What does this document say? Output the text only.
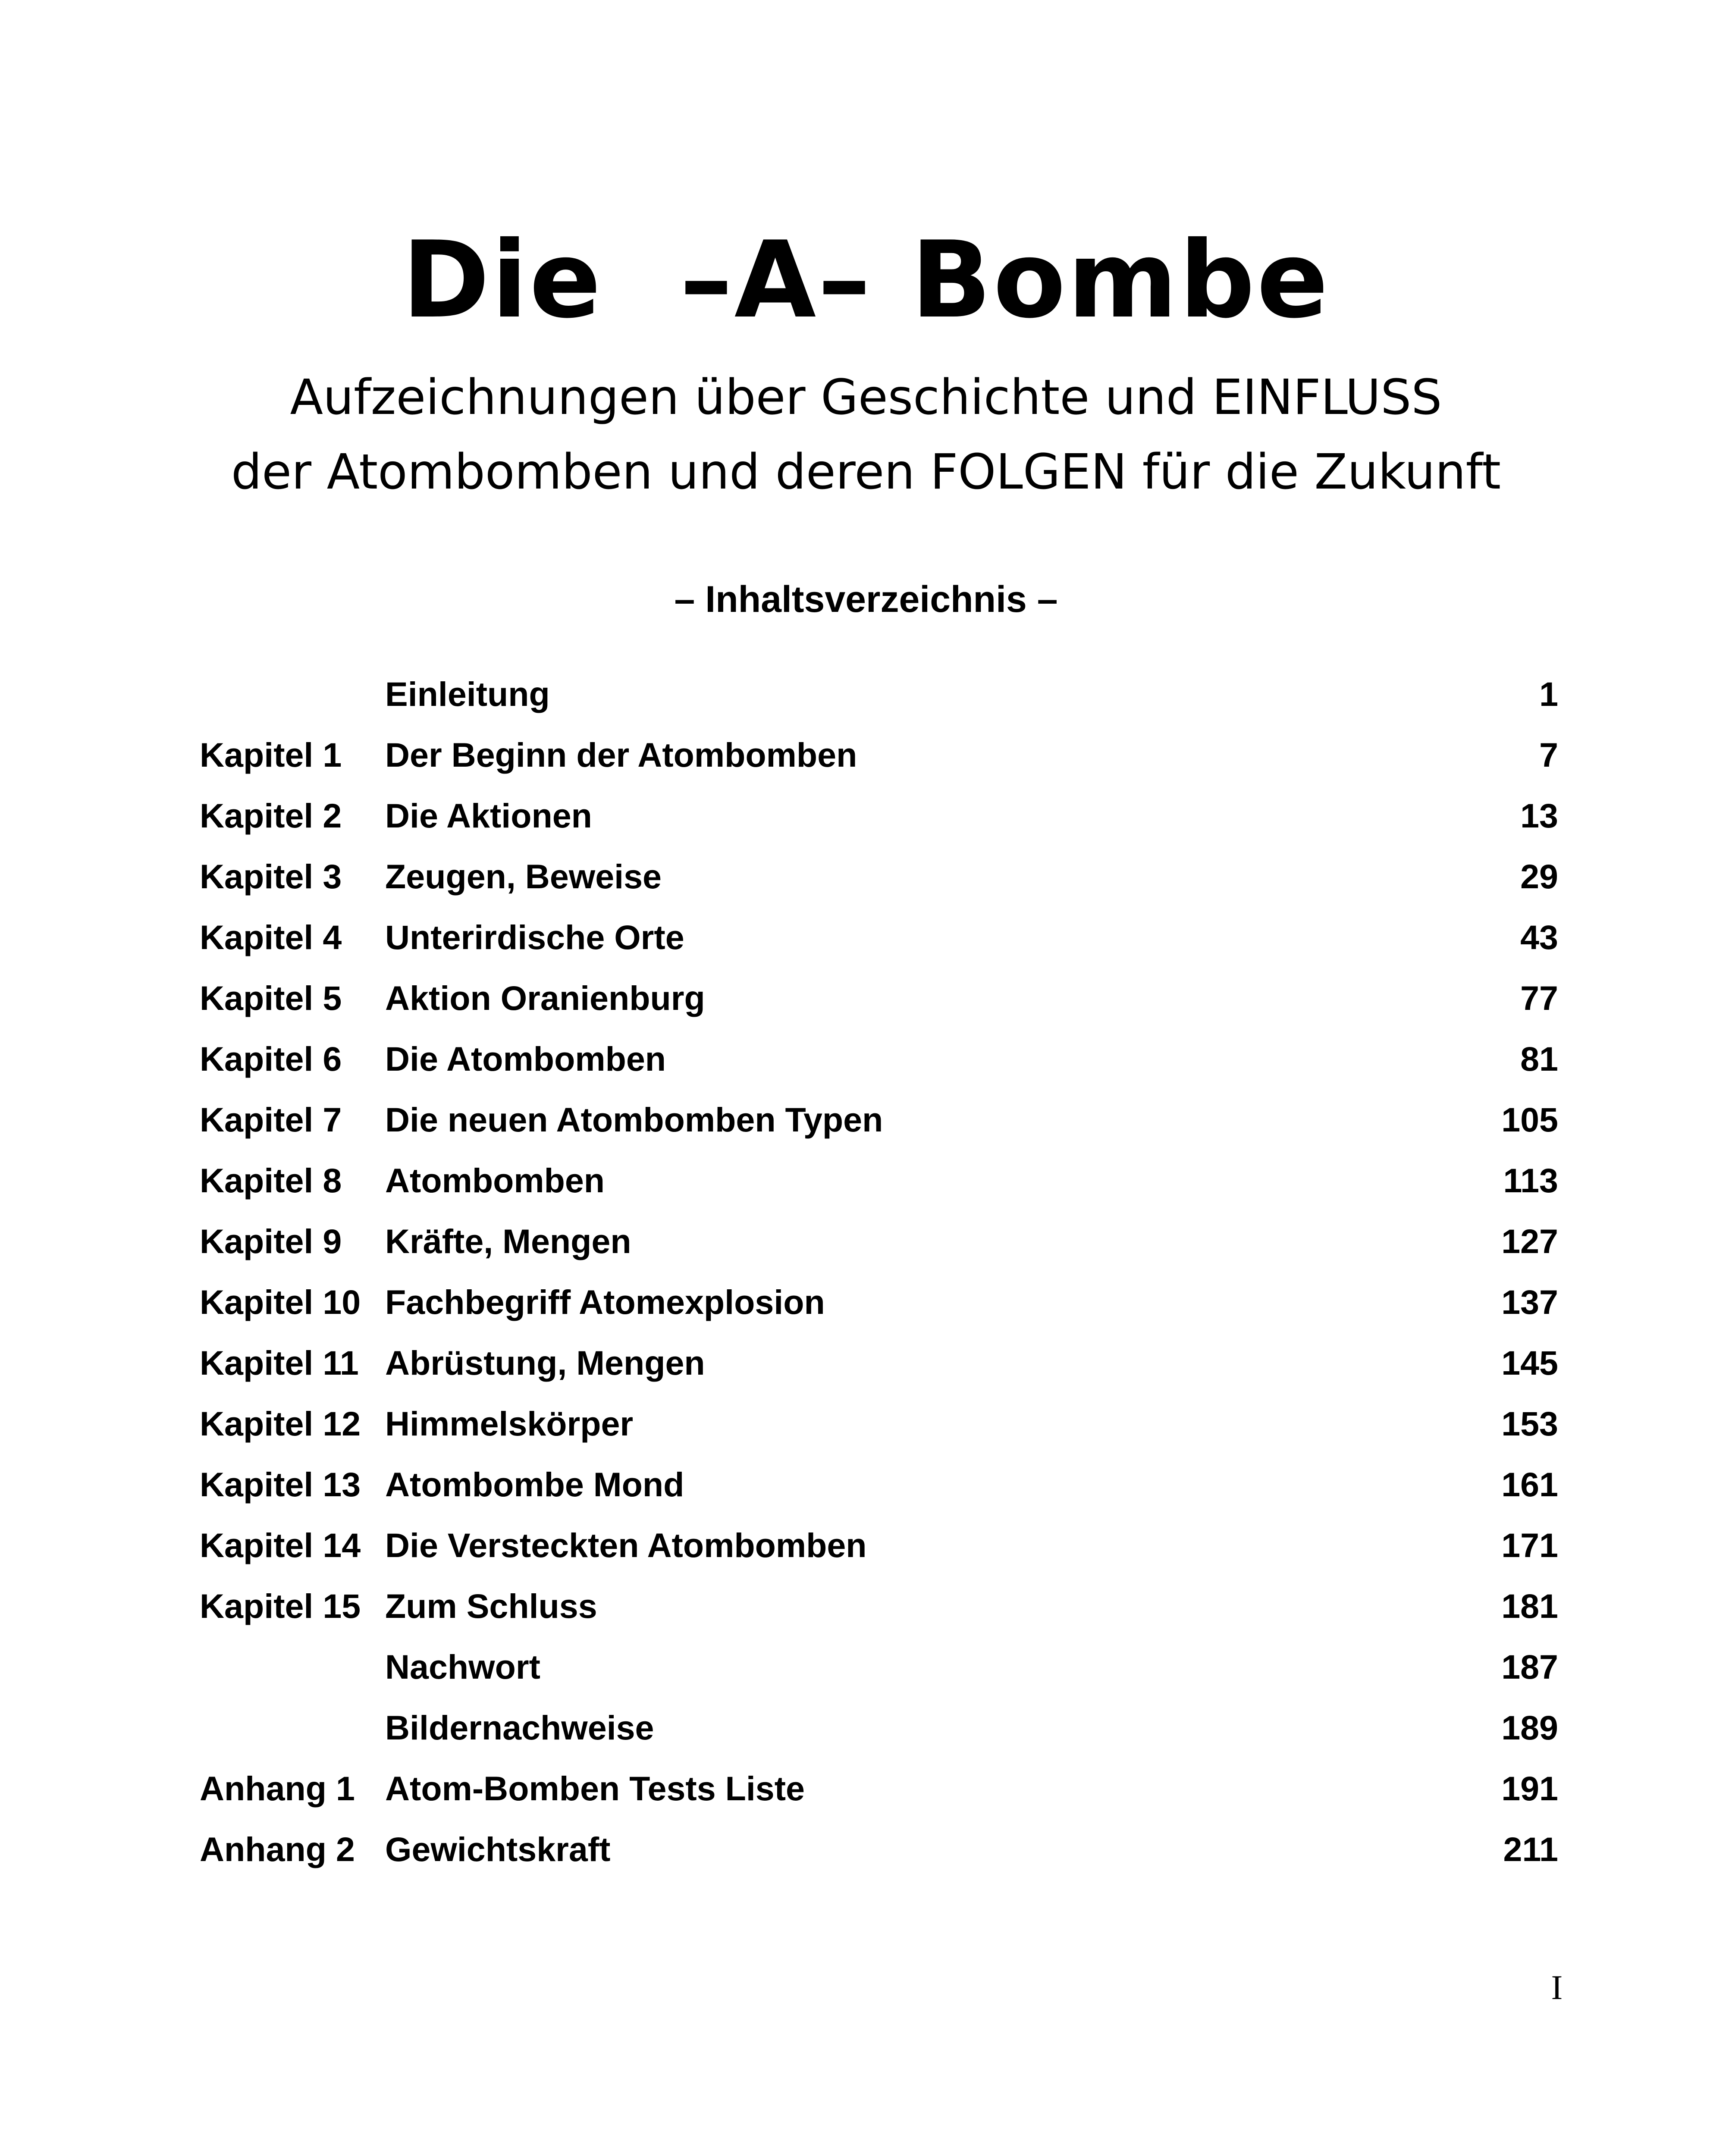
Die  –A– Bombe
Aufzeichnungen über Geschichte und EINFLUSS
der Atombomben und deren FOLGEN für die Zukunft
– Inhaltsverzeichnis –
Einleitung	1
Kapitel 1 Der Beginn der Atombomben	7
Kapitel 2 Die Aktionen	13
Kapitel 3 Zeugen, Beweise	29
Kapitel 4 Unterirdische Orte	43
Kapitel 5 Aktion Oranienburg	77
Kapitel 6 Die Atombomben	81
Kapitel 7 Die neuen Atombomben Typen	105
Kapitel 8 Atombomben	113
Kapitel 9 Kräfte, Mengen	127
Kapitel 10 Fachbegriff Atomexplosion	137
Kapitel 11 Abrüstung, Mengen	145
Kapitel 12 Himmelskörper	153
Kapitel 13 Atombombe Mond	161
Kapitel 14 Die Versteckten Atombomben	171
Kapitel 15 Zum Schluss	181
Nachwort	187
Bildernachweise	189
Anhang 1 Atom-Bomben Tests Liste	191
Anhang 2 Gewichtskraft	211
I
